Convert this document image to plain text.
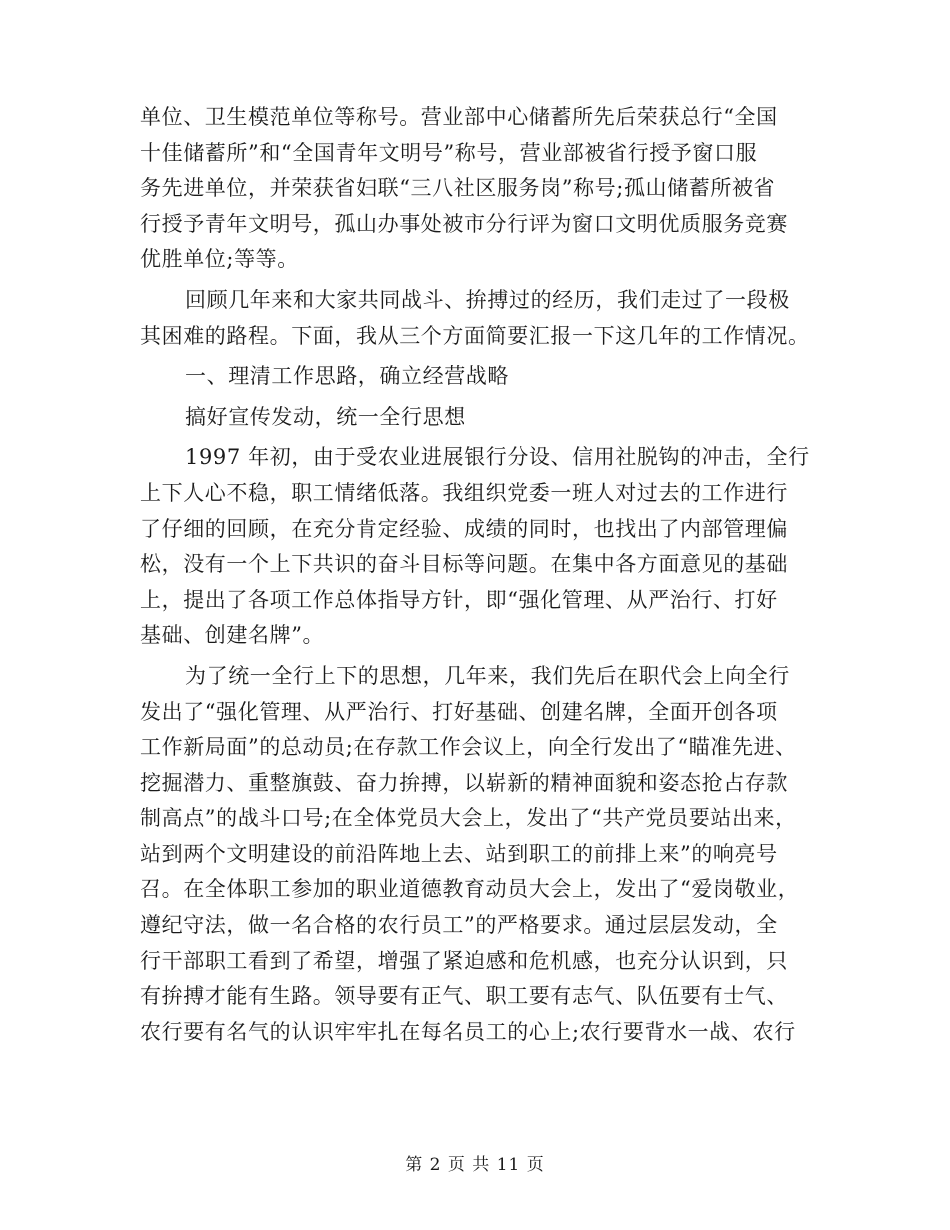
单位、卫生模范单位等称号。营业部中心储蓄所先后荣获总行“全国
十佳储蓄所”和“全国青年文明号”称号，营业部被省行授予窗口服
务先进单位，并荣获省妇联“三八社区服务岗”称号;孤山储蓄所被省
行授予青年文明号，孤山办事处被市分行评为窗口文明优质服务竞赛
优胜单位;等等。
回顾几年来和大家共同战斗、拚搏过的经历，我们走过了一段极
其困难的路程。下面，我从三个方面简要汇报一下这几年的工作情况。
一、理清工作思路，确立经营战略
搞好宣传发动，统一全行思想
1997 年初，由于受农业进展银行分设、信用社脱钩的冲击，全行
上下人心不稳，职工情绪低落。我组织党委一班人对过去的工作进行
了仔细的回顾，在充分肯定经验、成绩的同时，也找出了内部管理偏
松，没有一个上下共识的奋斗目标等问题。在集中各方面意见的基础
上，提出了各项工作总体指导方针，即“强化管理、从严治行、打好
基础、创建名牌”。
为了统一全行上下的思想，几年来，我们先后在职代会上向全行
发出了“强化管理、从严治行、打好基础、创建名牌，全面开创各项
工作新局面”的总动员;在存款工作会议上，向全行发出了“瞄准先进、
挖掘潜力、重整旗鼓、奋力拚搏，以崭新的精神面貌和姿态抢占存款
制高点”的战斗口号;在全体党员大会上，发出了“共产党员要站出来，
站到两个文明建设的前沿阵地上去、站到职工的前排上来”的响亮号
召。在全体职工参加的职业道德教育动员大会上，发出了“爱岗敬业，
遵纪守法，做一名合格的农行员工”的严格要求。通过层层发动，全
行干部职工看到了希望，增强了紧迫感和危机感，也充分认识到，只
有拚搏才能有生路。领导要有正气、职工要有志气、队伍要有士气、
农行要有名气的认识牢牢扎在每名员工的心上;农行要背水一战、农行
第 2 页 共 11 页
